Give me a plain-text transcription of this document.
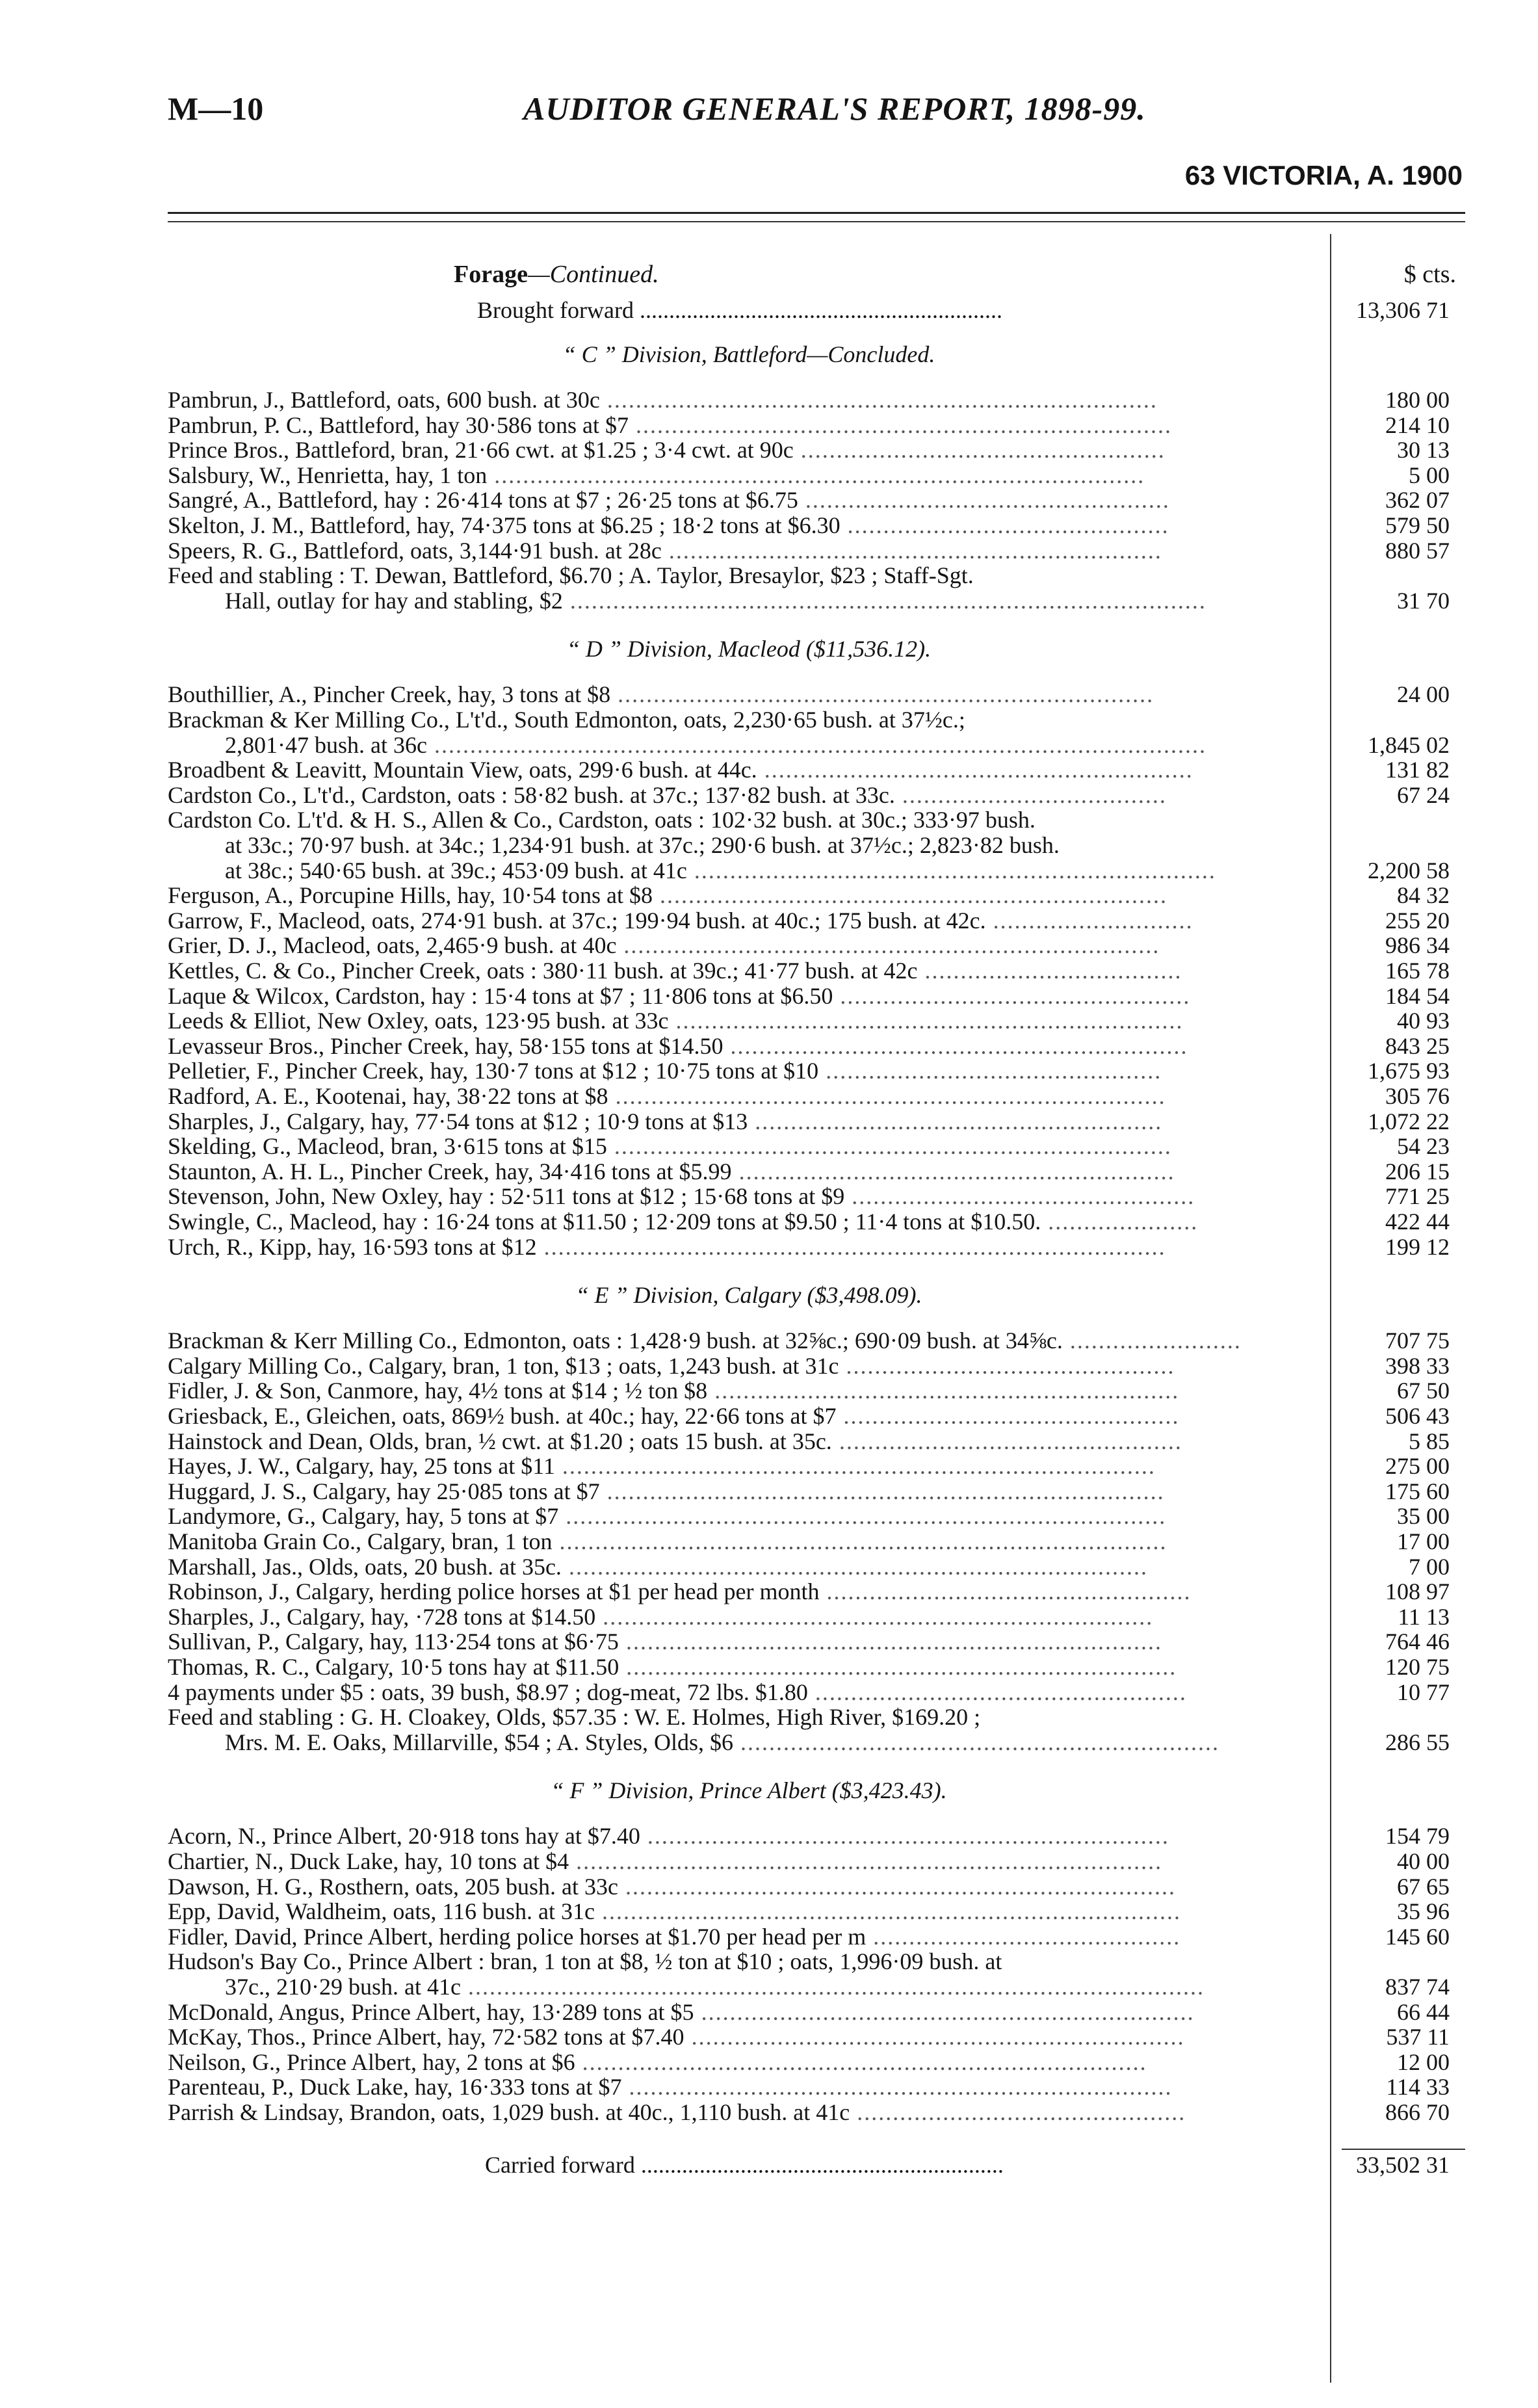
M—10	AUDITOR GENERAL'S REPORT, 1898-99.
63 VICTORIA, A. 1900
Forage—Continued.	$ cts.
Brought forward ..............................................................	13,306 71
“ C ” Division, Battleford—Concluded.
Pambrun, J., Battleford, oats, 600 bush. at 30c .............................................................................	180 00
Pambrun, P. C., Battleford, hay 30·586 tons at $7 ...........................................................................	214 10
Prince Bros., Battleford, bran, 21·66 cwt. at $1.25 ; 3·4 cwt. at 90c ...................................................	30 13
Salsbury, W., Henrietta, hay, 1 ton ...........................................................................................	5 00
Sangré, A., Battleford, hay : 26·414 tons at $7 ; 26·25 tons at $6.75 ...................................................	362 07
Skelton, J. M., Battleford, hay, 74·375 tons at $6.25 ; 18·2 tons at $6.30 .............................................	579 50
Speers, R. G., Battleford, oats, 3,144·91 bush. at 28c .....................................................................	880 57
Feed and stabling : T. Dewan, Battleford, $6.70 ; A. Taylor, Bresaylor, $23 ; Staff-Sgt.
Hall, outlay for hay and stabling, $2 .........................................................................................	31 70
“ D ” Division, Macleod ($11,536.12).
Bouthillier, A., Pincher Creek, hay, 3 tons at $8 ...........................................................................	24 00
Brackman & Ker Milling Co., L't'd., South Edmonton, oats, 2,230·65 bush. at 37½c.;
2,801·47 bush. at 36c ............................................................................................................	1,845 02
Broadbent & Leavitt, Mountain View, oats, 299·6 bush. at 44c. ............................................................	131 82
Cardston Co., L't'd., Cardston, oats : 58·82 bush. at 37c.; 137·82 bush. at 33c. .....................................	67 24
Cardston Co. L't'd. & H. S., Allen & Co., Cardston, oats : 102·32 bush. at 30c.; 333·97 bush.
at 33c.; 70·97 bush. at 34c.; 1,234·91 bush. at 37c.; 290·6 bush. at 37½c.; 2,823·82 bush.
at 38c.; 540·65 bush. at 39c.; 453·09 bush. at 41c .........................................................................	2,200 58
Ferguson, A., Porcupine Hills, hay, 10·54 tons at $8 .......................................................................	84 32
Garrow, F., Macleod, oats, 274·91 bush. at 37c.; 199·94 bush. at 40c.; 175 bush. at 42c. ............................	255 20
Grier, D. J., Macleod, oats, 2,465·9 bush. at 40c ...........................................................................	986 34
Kettles, C. & Co., Pincher Creek, oats : 380·11 bush. at 39c.; 41·77 bush. at 42c ....................................	165 78
Laque & Wilcox, Cardston, hay : 15·4 tons at $7 ; 11·806 tons at $6.50 .................................................	184 54
Leeds & Elliot, New Oxley, oats, 123·95 bush. at 33c .......................................................................	40 93
Levasseur Bros., Pincher Creek, hay, 58·155 tons at $14.50 ................................................................	843 25
Pelletier, F., Pincher Creek, hay, 130·7 tons at $12 ; 10·75 tons at $10 ...............................................	1,675 93
Radford, A. E., Kootenai, hay, 38·22 tons at $8 .............................................................................	305 76
Sharples, J., Calgary, hay, 77·54 tons at $12 ; 10·9 tons at $13 .........................................................	1,072 22
Skelding, G., Macleod, bran, 3·615 tons at $15 ..............................................................................	54 23
Staunton, A. H. L., Pincher Creek, hay, 34·416 tons at $5.99 .............................................................	206 15
Stevenson, John, New Oxley, hay : 52·511 tons at $12 ; 15·68 tons at $9 ................................................	771 25
Swingle, C., Macleod, hay : 16·24 tons at $11.50 ; 12·209 tons at $9.50 ; 11·4 tons at $10.50. .....................	422 44
Urch, R., Kipp, hay, 16·593 tons at $12 .......................................................................................	199 12
“ E ” Division, Calgary ($3,498.09).
Brackman & Kerr Milling Co., Edmonton, oats : 1,428·9 bush. at 32⅝c.; 690·09 bush. at 34⅝c. ........................	707 75
Calgary Milling Co., Calgary, bran, 1 ton, $13 ; oats, 1,243 bush. at 31c ..............................................	398 33
Fidler, J. & Son, Canmore, hay, 4½ tons at $14 ; ½ ton $8 .................................................................	67 50
Griesback, E., Gleichen, oats, 869½ bush. at 40c.; hay, 22·66 tons at $7 ...............................................	506 43
Hainstock and Dean, Olds, bran, ½ cwt. at $1.20 ; oats 15 bush. at 35c. ................................................	5 85
Hayes, J. W., Calgary, hay, 25 tons at $11 ...................................................................................	275 00
Huggard, J. S., Calgary, hay 25·085 tons at $7 ..............................................................................	175 60
Landymore, G., Calgary, hay, 5 tons at $7 ....................................................................................	35 00
Manitoba Grain Co., Calgary, bran, 1 ton .....................................................................................	17 00
Marshall, Jas., Olds, oats, 20 bush. at 35c. .................................................................................	7 00
Robinson, J., Calgary, herding police horses at $1 per head per month ...................................................	108 97
Sharples, J., Calgary, hay, ·728 tons at $14.50 .............................................................................	11 13
Sullivan, P., Calgary, hay, 113·254 tons at $6·75 ...........................................................................	764 46
Thomas, R. C., Calgary, 10·5 tons hay at $11.50 .............................................................................	120 75
4 payments under $5 : oats, 39 bush, $8.97 ; dog-meat, 72 lbs. $1.80 ....................................................	10 77
Feed and stabling : G. H. Cloakey, Olds, $57.35 : W. E. Holmes, High River, $169.20 ;
Mrs. M. E. Oaks, Millarville, $54 ; A. Styles, Olds, $6 ...................................................................	286 55
“ F ” Division, Prince Albert ($3,423.43).
Acorn, N., Prince Albert, 20·918 tons hay at $7.40 .........................................................................	154 79
Chartier, N., Duck Lake, hay, 10 tons at $4 ..................................................................................	40 00
Dawson, H. G., Rosthern, oats, 205 bush. at 33c .............................................................................	67 65
Epp, David, Waldheim, oats, 116 bush. at 31c .................................................................................	35 96
Fidler, David, Prince Albert, herding police horses at $1.70 per head per m ...........................................	145 60
Hudson's Bay Co., Prince Albert : bran, 1 ton at $8, ½ ton at $10 ; oats, 1,996·09 bush. at
37c., 210·29 bush. at 41c .......................................................................................................	837 74
McDonald, Angus, Prince Albert, hay, 13·289 tons at $5 .....................................................................	66 44
McKay, Thos., Prince Albert, hay, 72·582 tons at $7.40 .....................................................................	537 11
Neilson, G., Prince Albert, hay, 2 tons at $6 ...............................................................................	12 00
Parenteau, P., Duck Lake, hay, 16·333 tons at $7 ............................................................................	114 33
Parrish & Lindsay, Brandon, oats, 1,029 bush. at 40c., 1,110 bush. at 41c ..............................................	866 70
Carried forward ..............................................................	33,502 31
